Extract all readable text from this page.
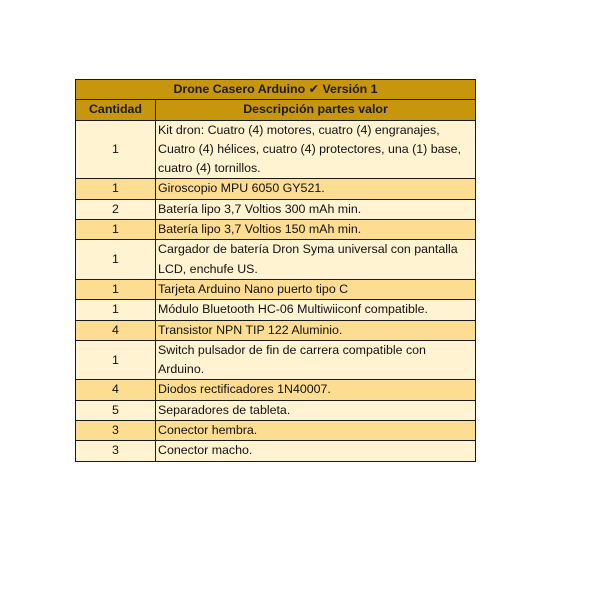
Drone Casero Arduino ✔ Versión 1	
Cantidad	Descripción partes valor
1	Kit dron: Cuatro (4) motores, cuatro (4) engranajes, Cuatro (4) hélices, cuatro (4) protectores, una (1) base, cuatro (4) tornillos.
1	Giroscopio MPU 6050 GY521.
2	Batería lipo 3,7 Voltios 300 mAh min.
1	Batería lipo 3,7 Voltios 150 mAh min.
1	Cargador de batería Dron Syma universal con pantalla LCD, enchufe US.
1	Tarjeta Arduino Nano puerto tipo C
1	Módulo Bluetooth HC-06 Multiwiiconf compatible.
4	Transistor NPN TIP 122 Aluminio.
1	Switch pulsador de fin de carrera compatible con Arduino.
4	Diodos rectificadores 1N40007.
5	Separadores de tableta.
3	Conector hembra.
3	Conector macho.
